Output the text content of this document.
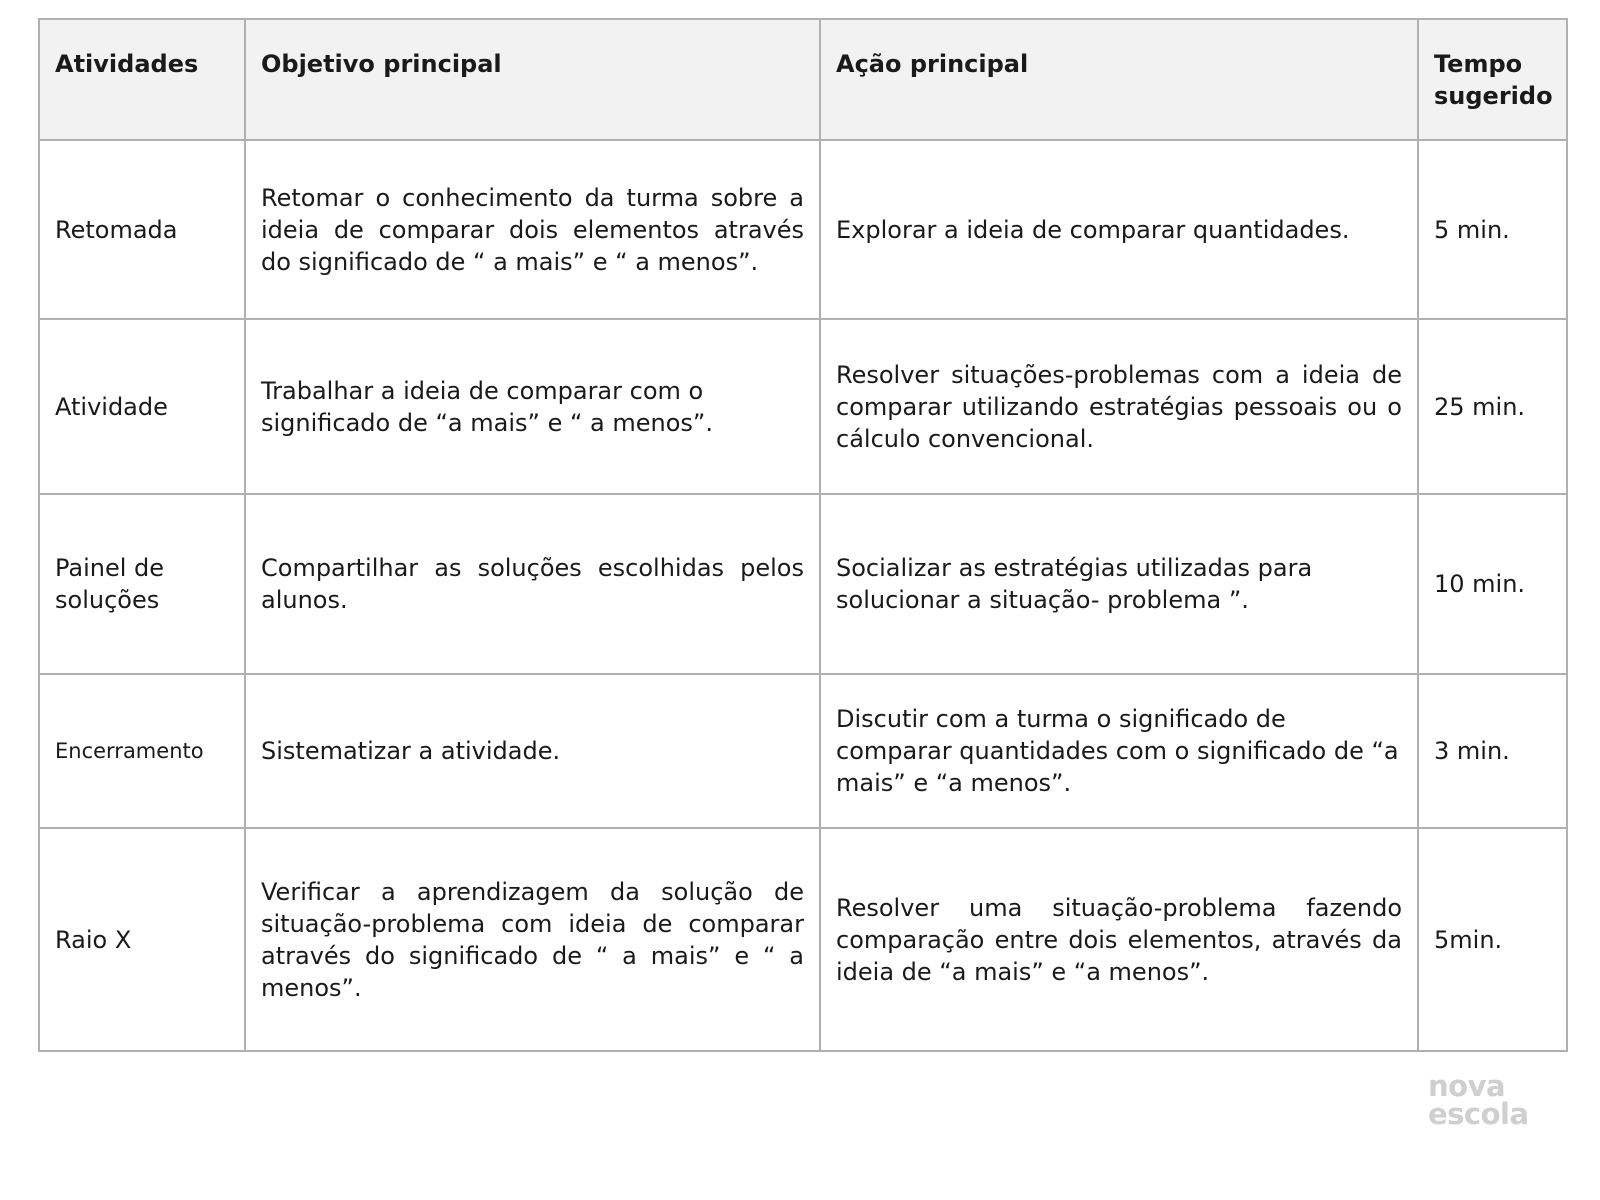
Atividades	Objetivo principal	Ação principal	Tempo sugerido
Retomada	Retomar o conhecimento da turma sobre a ideia de comparar dois elementos através do significado de “ a mais” e “ a menos”.	Explorar a ideia de comparar quantidades.	5 min.
Atividade	Trabalhar a ideia de comparar com o significado de “a mais” e “ a menos”.	Resolver situações-problemas com a ideia de comparar utilizando estratégias pessoais ou o cálculo convencional.	25 min.
Painel de soluções	Compartilhar as soluções escolhidas pelos alunos.	Socializar as estratégias utilizadas para solucionar a situação- problema ”.	10 min.
Encerramento	Sistematizar a atividade.	Discutir com a turma o significado de comparar quantidades com o significado de “a mais” e “a menos”.	3 min.
Raio X	Verificar a aprendizagem da solução de situação-problema com ideia de comparar através do significado de “ a mais” e “ a menos”.	Resolver uma situação-problema fazendo comparação entre dois elementos, através da ideia de “a mais” e “a menos”.	5min.
nova
escola
